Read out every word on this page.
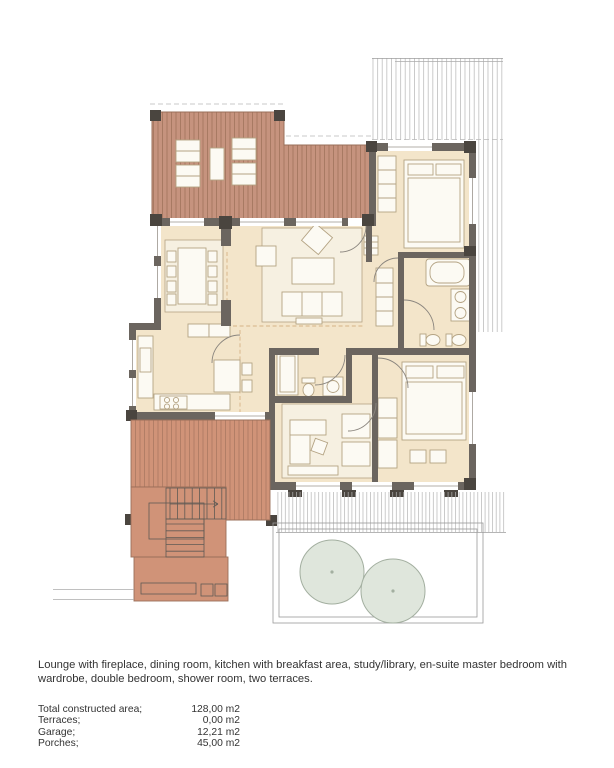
Lounge with fireplace, dining room, kitchen with breakfast area, study/library, en-suite master bedroom with wardrobe, double bedroom, shower room, two terraces.
Total constructed area;	128,00 m2
Terraces;	0,00 m2
Garage;	12,21 m2
Porches;	45,00 m2
